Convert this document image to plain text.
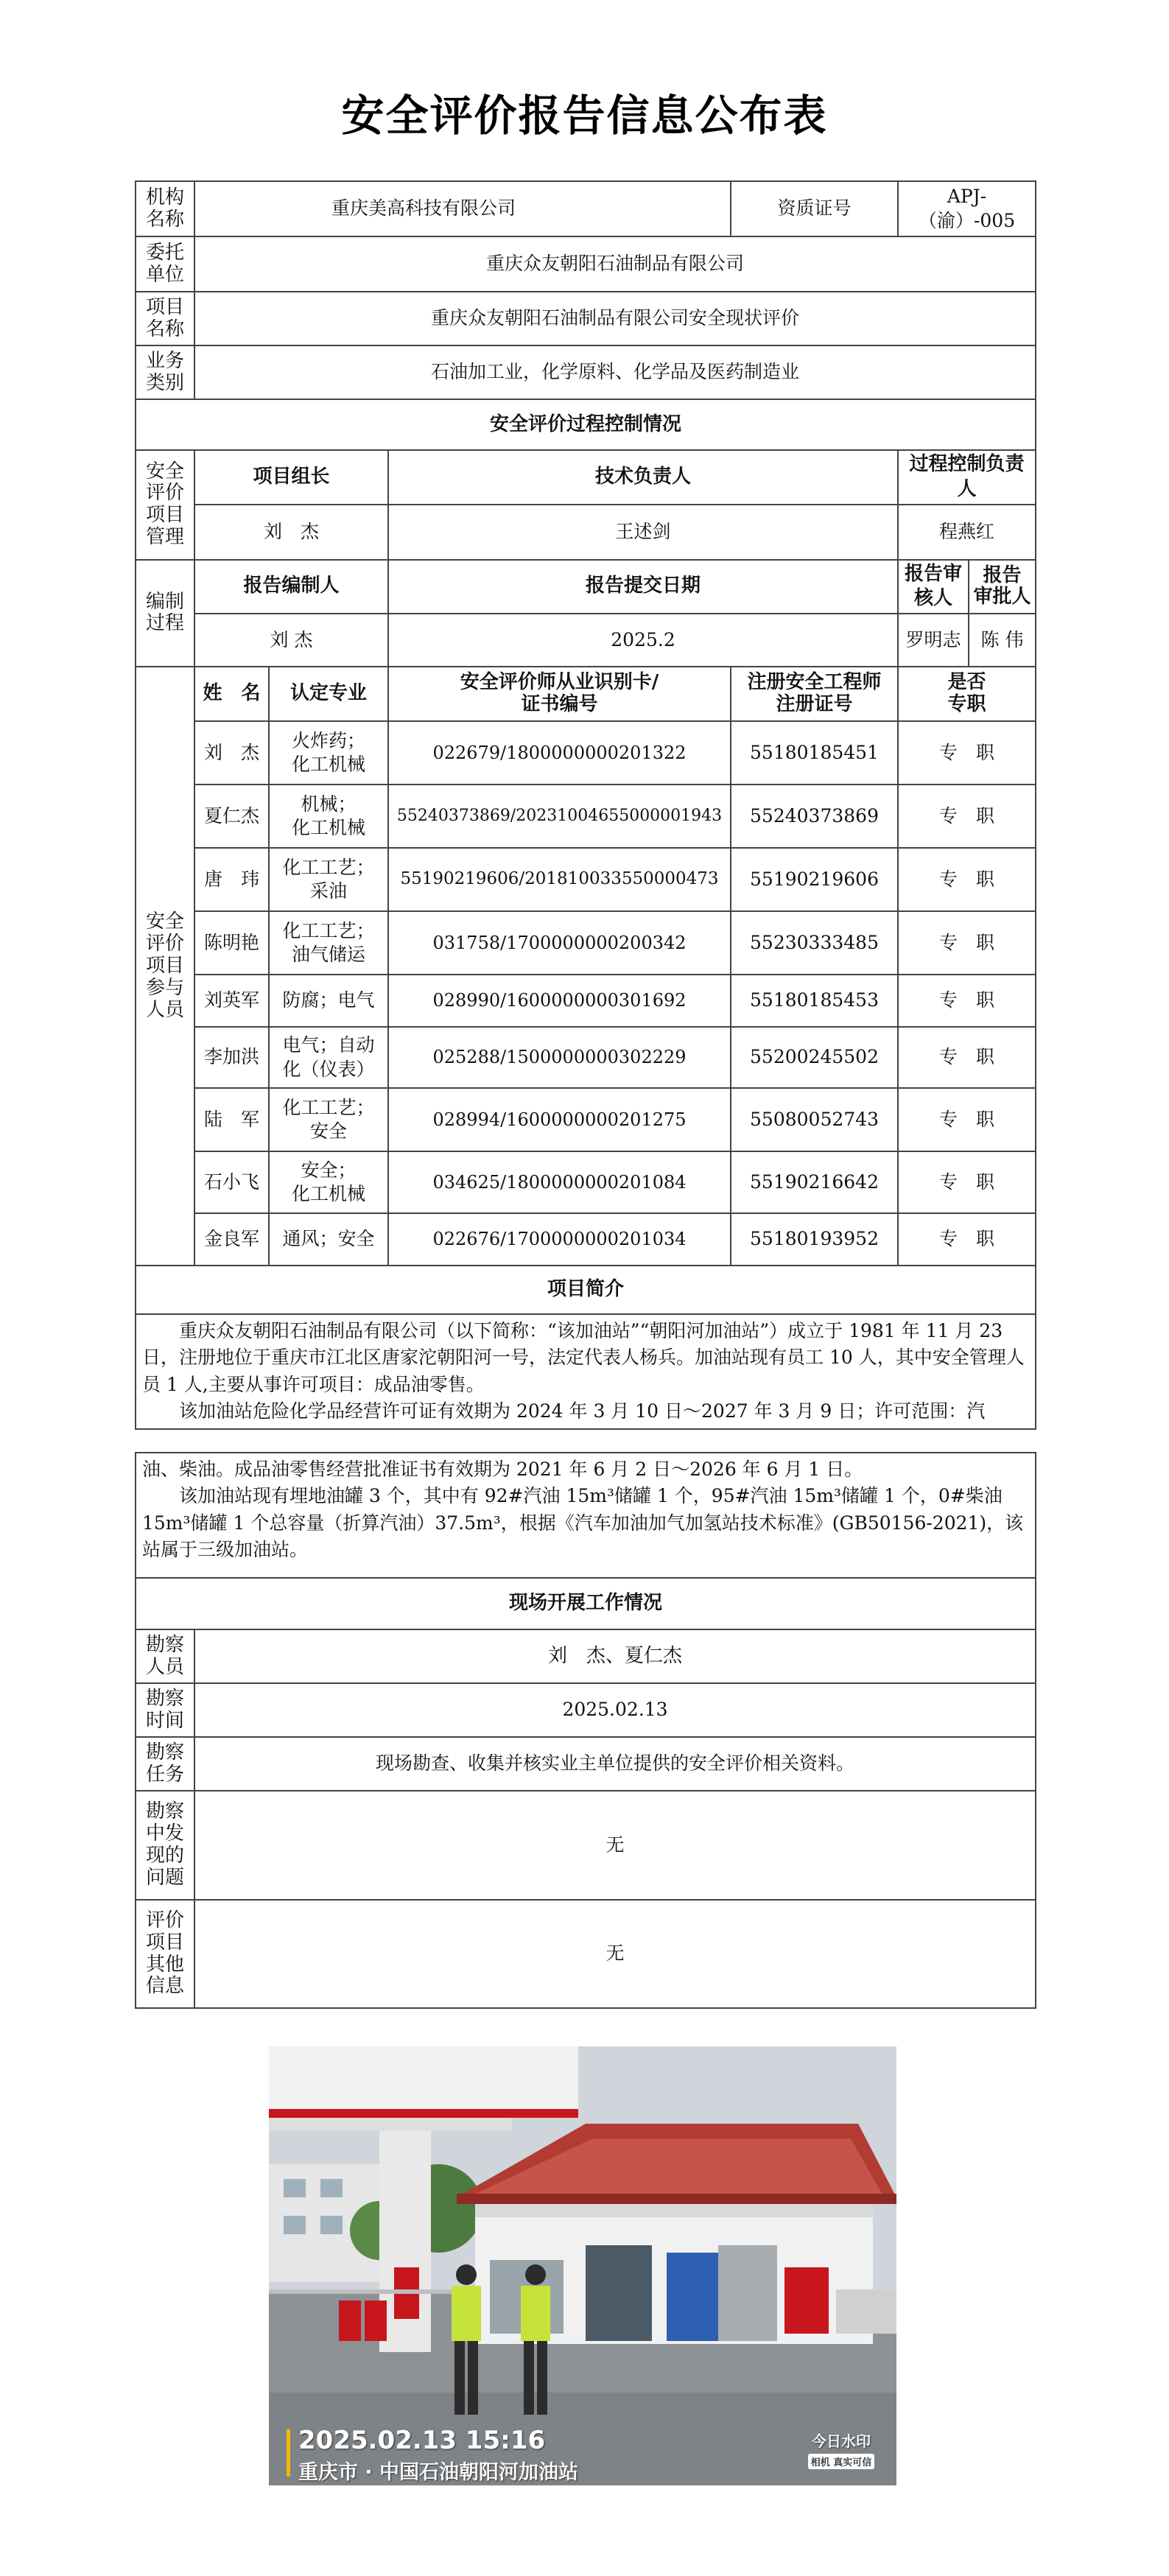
安全评价报告信息公布表
机构
名称	重庆美高科技有限公司			资质证号	APJ-（渝）-005	
委托
单位	重庆众友朝阳石油制品有限公司					
项目
名称	重庆众友朝阳石油制品有限公司安全现状评价					
业务
类别	石油加工业，化学原料、化学品及医药制造业					
安全评价过程控制情况						
安全
评价
项目
管理	项目组长		技术负责人		过程控制负责人	
	刘　杰		王述剑		程燕红	
编制
过程	报告编制人		报告提交日期		报告审核人	报告
审批人
	刘 杰		2025.2		罗明志	陈 伟
安全
评价
项目
参与
人员	姓　名	认定专业	安全评价师从业识别卡/
证书编号	注册安全工程师
注册证号	是否
专职	
	刘　杰	火炸药；
化工机械	022679/1800000000201322	55180185451	专　职	
	夏仁杰	机械；
化工机械	55240373869/20231004655000001943	55240373869	专　职	
	唐　玮	化工工艺；
采油	55190219606/201810033550000473	55190219606	专　职	
	陈明艳	化工工艺；
油气储运	031758/1700000000200342	55230333485	专　职	
	刘英军	防腐；电气	028990/1600000000301692	55180185453	专　职	
	李加洪	电气；自动
化（仪表）	025288/1500000000302229	55200245502	专　职	
	陆　军	化工工艺；
安全	028994/1600000000201275	55080052743	专　职	
	石小飞	安全；
化工机械	034625/1800000000201084	55190216642	专　职	
	金良军	通风；安全	022676/1700000000201034	55180193952	专　职	
项目简介						

重庆众友朝阳石油制品有限公司（以下简称：“该加油站”“朝阳河加油站”）成立于 1981 年 11 月 23 日，注册地位于重庆市江北区唐家沱朝阳河一号，法定代表人杨兵。加油站现有员工 10 人，其中安全管理人员 1 人,主要从事许可项目：成品油零售。

该加油站危险化学品经营许可证有效期为 2024 年 3 月 10 日～2027 年 3 月 9 日；许可范围：汽						

油、柴油。成品油零售经营批准证书有效期为 2021 年 6 月 2 日～2026 年 6 月 1 日。

该加油站现有埋地油罐 3 个，其中有 92#汽油 15m³储罐 1 个，95#汽油 15m³储罐 1 个，0#柴油 15m³储罐 1 个总容量（折算汽油）37.5m³，根据《汽车加油加气加氢站技术标准》(GB50156-2021)，该站属于三级加油站。	

现场开展工作情况	
勘察
人员	刘　杰、夏仁杰
勘察
时间	2025.02.13
勘察
任务	现场勘查、收集并核实业主单位提供的安全评价相关资料。
勘察
中发
现的
问题	无
评价
项目
其他
信息	无
2025.02.13 15:16
重庆市 · 中国石油朝阳河加油站
今日水印
相机 真实可信
